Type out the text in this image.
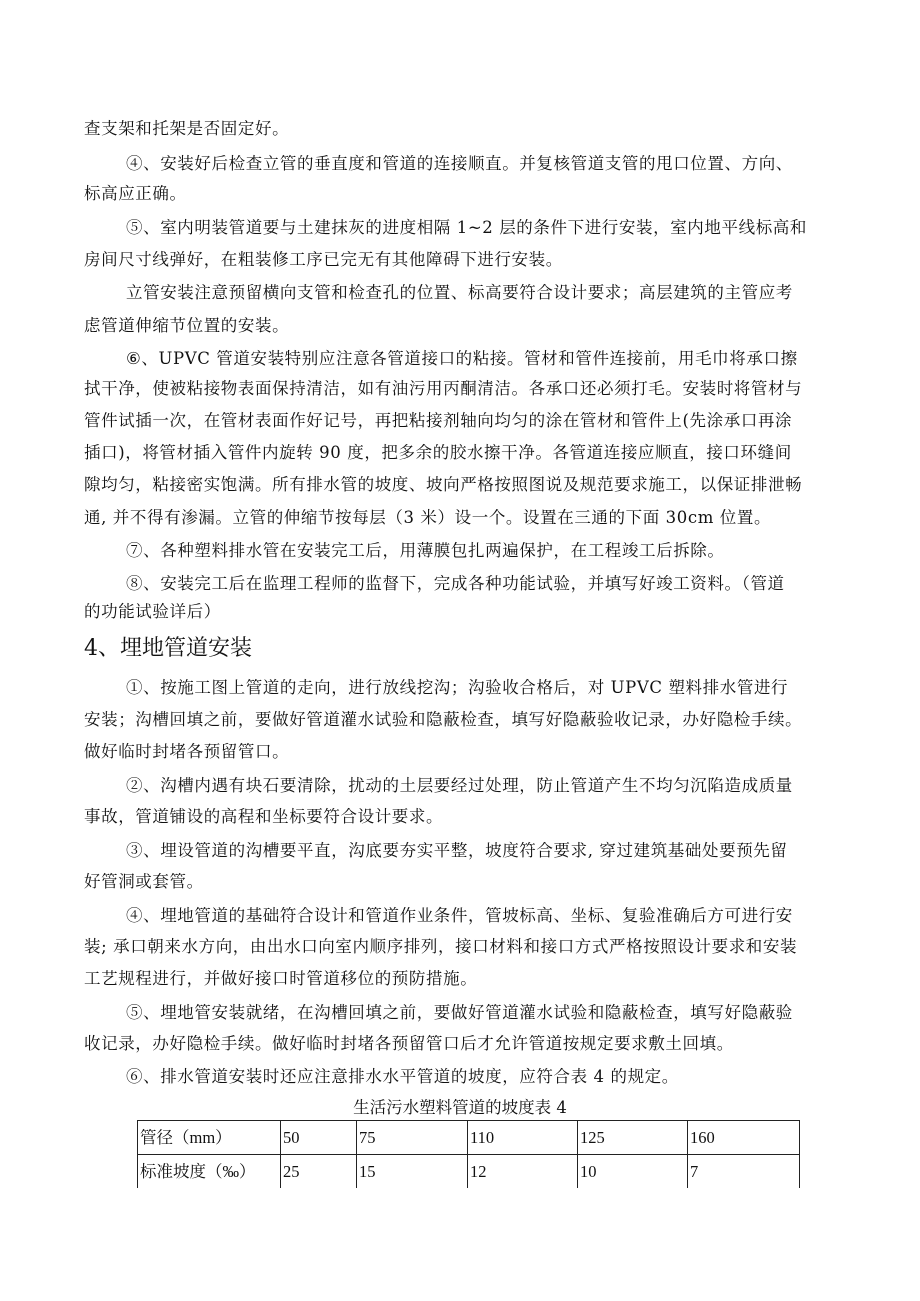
查支架和托架是否固定好。
④、安装好后检查立管的垂直度和管道的连接顺直。并复核管道支管的甩口位置、方向、
标高应正确。
⑤、室内明装管道要与土建抹灰的进度相隔 1~2 层的条件下进行安装，室内地平线标高和
房间尺寸线弹好，在粗装修工序已完无有其他障碍下进行安装。
立管安装注意预留横向支管和检查孔的位置、标高要符合设计要求；高层建筑的主管应考
虑管道伸缩节位置的安装。
⑥、UPVC 管道安装特别应注意各管道接口的粘接。管材和管件连接前，用毛巾将承口擦
拭干净，使被粘接物表面保持清洁，如有油污用丙酮清洁。各承口还必须打毛。安装时将管材与
管件试插一次，在管材表面作好记号，再把粘接剂轴向均匀的涂在管材和管件上(先涂承口再涂
插口)，将管材插入管件内旋转 90 度，把多余的胶水擦干净。各管道连接应顺直，接口环缝间
隙均匀，粘接密实饱满。所有排水管的坡度、坡向严格按照图说及规范要求施工，以保证排泄畅
通, 并不得有渗漏。立管的伸缩节按每层（3 米）设一个。设置在三通的下面 30cm 位置。
⑦、各种塑料排水管在安装完工后，用薄膜包扎两遍保护，在工程竣工后拆除。
⑧、安装完工后在监理工程师的监督下，完成各种功能试验，并填写好竣工资料。（管道
的功能试验详后）
4、埋地管道安装
①、按施工图上管道的走向，进行放线挖沟；沟验收合格后，对 UPVC 塑料排水管进行
安装；沟槽回填之前，要做好管道灌水试验和隐蔽检查，填写好隐蔽验收记录，办好隐检手续。
做好临时封堵各预留管口。
②、沟槽内遇有块石要清除，扰动的土层要经过处理，防止管道产生不均匀沉陷造成质量
事故，管道铺设的高程和坐标要符合设计要求。
③、埋设管道的沟槽要平直，沟底要夯实平整，坡度符合要求, 穿过建筑基础处要预先留
好管洞或套管。
④、埋地管道的基础符合设计和管道作业条件，管坡标高、坐标、复验准确后方可进行安
装; 承口朝来水方向，由出水口向室内顺序排列，接口材料和接口方式严格按照设计要求和安装
工艺规程进行，并做好接口时管道移位的预防措施。
⑤、埋地管安装就绪，在沟槽回填之前，要做好管道灌水试验和隐蔽检查，填写好隐蔽验
收记录，办好隐检手续。做好临时封堵各预留管口后才允许管道按规定要求敷土回填。
⑥、排水管道安装时还应注意排水水平管道的坡度，应符合表 4 的规定。
生活污水塑料管道的坡度表 4
管径（mm）	50	75	110	125	160
标准坡度（‰）	25	15	12	10	7
